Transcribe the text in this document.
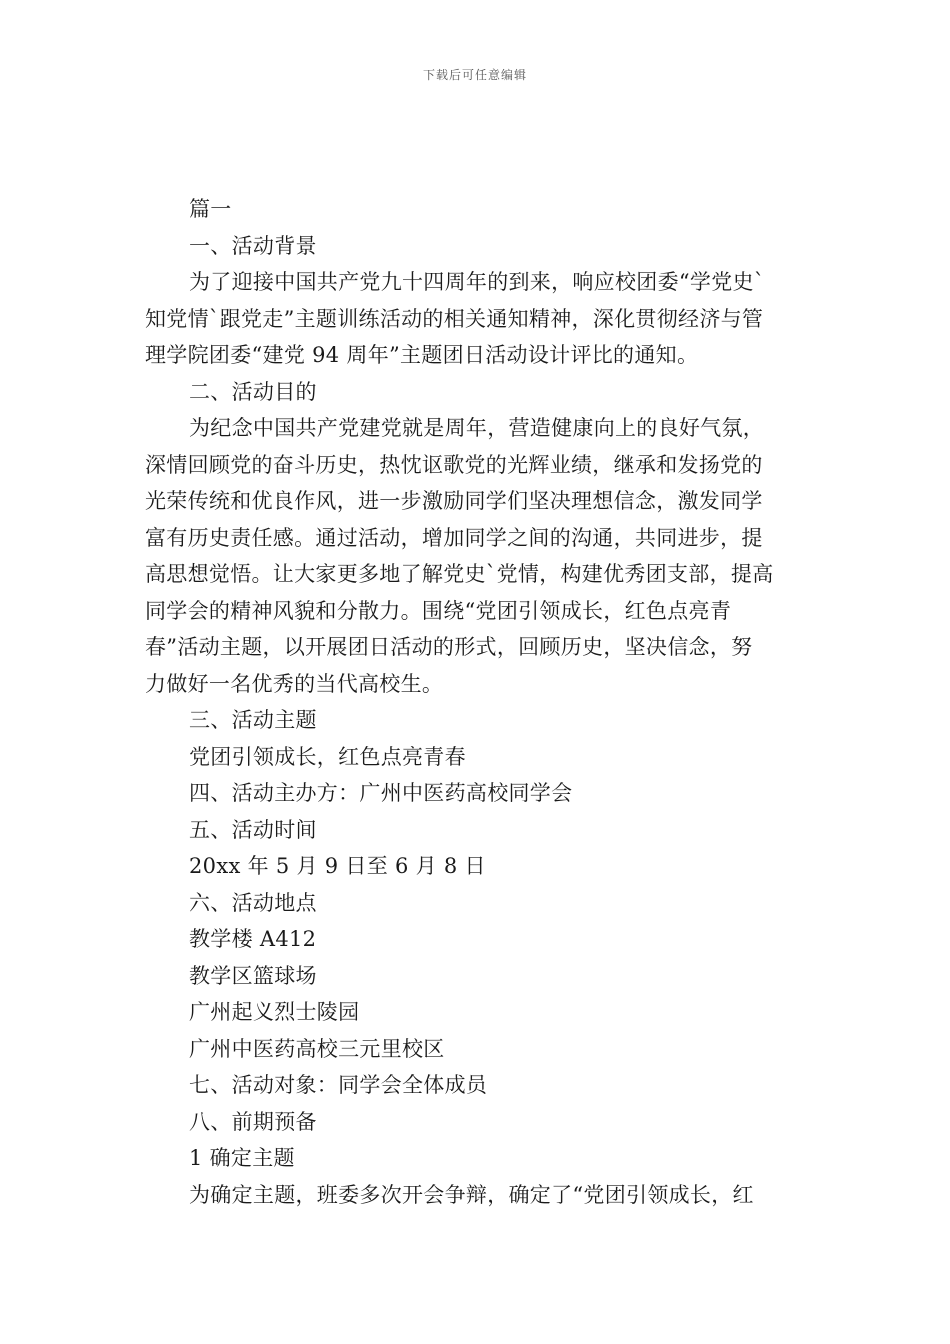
下载后可任意编辑
篇一
一、活动背景
为了迎接中国共产党九十四周年的到来，响应校团委“学党史`
知党情`跟党走”主题训练活动的相关通知精神，深化贯彻经济与管
理学院团委“建党 94 周年”主题团日活动设计评比的通知。
二、活动目的
为纪念中国共产党建党就是周年，营造健康向上的良好气氛，
深情回顾党的奋斗历史，热忱讴歌党的光辉业绩，继承和发扬党的
光荣传统和优良作风，进一步激励同学们坚决理想信念，激发同学
富有历史责任感。通过活动，增加同学之间的沟通，共同进步，提
高思想觉悟。让大家更多地了解党史`党情，构建优秀团支部，提高
同学会的精神风貌和分散力。围绕“党团引领成长，红色点亮青
春”活动主题，以开展团日活动的形式，回顾历史，坚决信念，努
力做好一名优秀的当代高校生。
三、活动主题
党团引领成长，红色点亮青春
四、活动主办方：广州中医药高校同学会
五、活动时间
20xx 年 5 月 9 日至 6 月 8 日
六、活动地点
教学楼 A412
教学区篮球场
广州起义烈士陵园
广州中医药高校三元里校区
七、活动对象：同学会全体成员
八、前期预备
1 确定主题
为确定主题，班委多次开会争辩，确定了“党团引领成长，红
